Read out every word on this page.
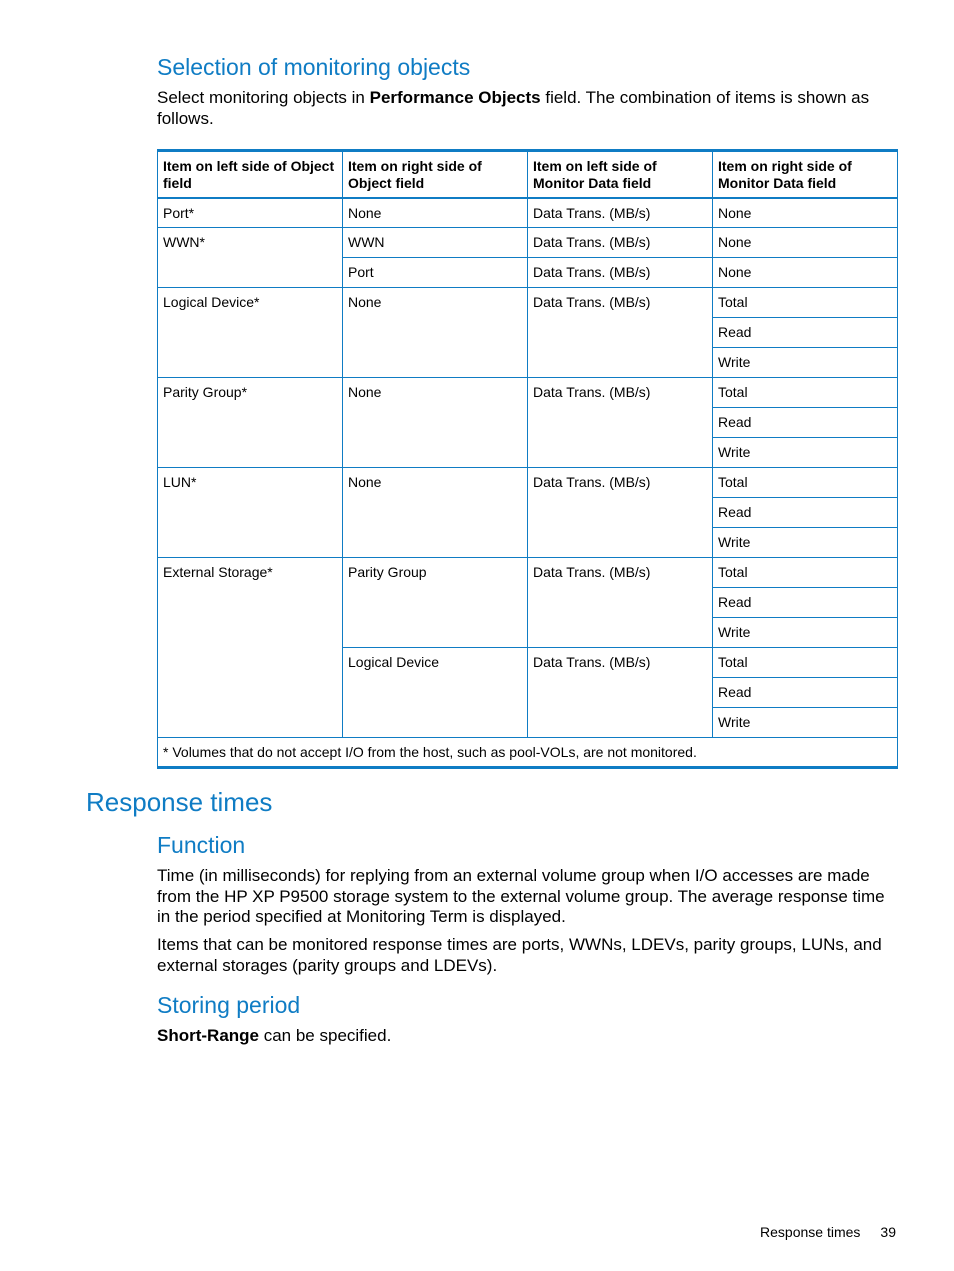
Selection of monitoring objects

Select monitoring objects in Performance Objects field. The combination of items is shown as follows.

Item on left side of Object field	Item on right side of Object field	Item on left side of Monitor Data field	Item on right side of Monitor Data field
Port*	None	Data Trans. (MB/s)	None
WWN*	WWN	Data Trans. (MB/s)	None
	Port	Data Trans. (MB/s)	None
Logical Device*	None	Data Trans. (MB/s)	Total
			Read
			Write
Parity Group*	None	Data Trans. (MB/s)	Total
			Read
			Write
LUN*	None	Data Trans. (MB/s)	Total
			Read
			Write
External Storage*	Parity Group	Data Trans. (MB/s)	Total
			Read
			Write
	Logical Device	Data Trans. (MB/s)	Total
			Read
			Write
* Volumes that do not accept I/O from the host, such as pool-VOLs, are not monitored.			
Response times
Function

Time (in milliseconds) for replying from an external volume group when I/O accesses are made from the HP XP P9500 storage system to the external volume group. The average response time in the period specified at Monitoring Term is displayed.

Items that can be monitored response times are ports, WWNs, LDEVs, parity groups, LUNs, and external storages (parity groups and LDEVs).

Storing period

Short-Range can be specified.

Response times 39
